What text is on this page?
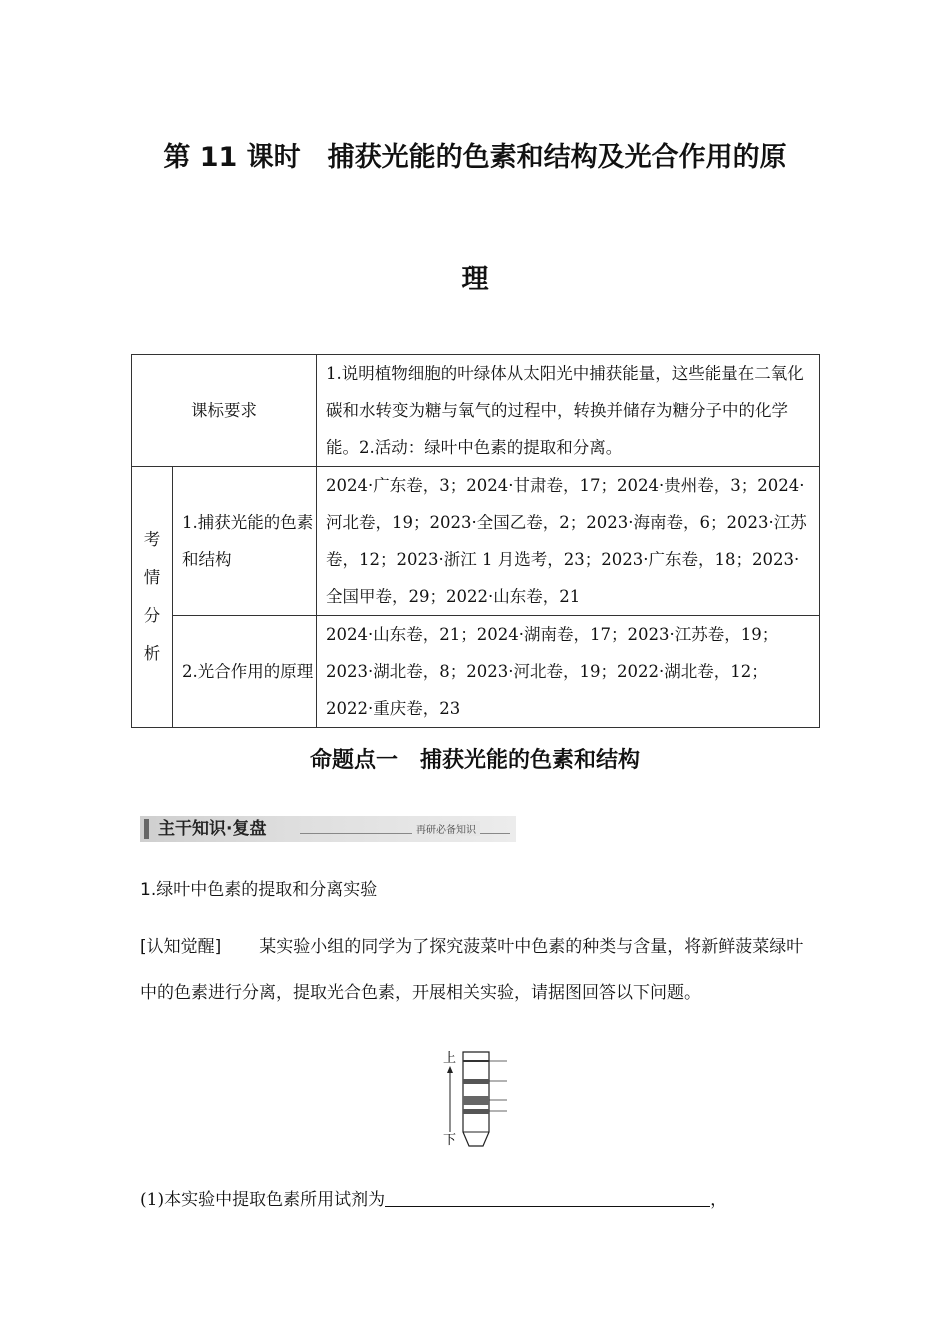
第 11 课时　捕获光能的色素和结构及光合作用的原
理
课标要求		1.说明植物细胞的叶绿体从太阳光中捕获能量，这些能量在二氧化碳和水转变为糖与氧气的过程中，转换并储存为糖分子中的化学能。2.活动：绿叶中色素的提取和分离。

考
情
分
析	1.捕获光能的色素和结构	2024·广东卷，3；2024·甘肃卷，17；2024·贵州卷，3；2024·河北卷，19；2023·全国乙卷，2；2023·海南卷，6；2023·江苏卷，12；2023·浙江 1 月选考，23；2023·广东卷，18；2023·全国甲卷，29；2022·山东卷，21
	2.光合作用的原理	2024·山东卷，21；2024·湖南卷，17；2023·江苏卷，19；2023·湖北卷，8；2023·河北卷，19；2022·湖北卷，12；2022·重庆卷，23
命题点一　捕获光能的色素和结构
主干知识·复盘	再研必备知识
1.绿叶中色素的提取和分离实验
[认知觉醒] 某实验小组的同学为了探究菠菜叶中色素的种类与含量，将新鲜菠菜绿叶中的色素进行分离，提取光合色素，开展相关实验，请据图回答以下问题。
上
下
(1)本实验中提取色素所用试剂为	，
